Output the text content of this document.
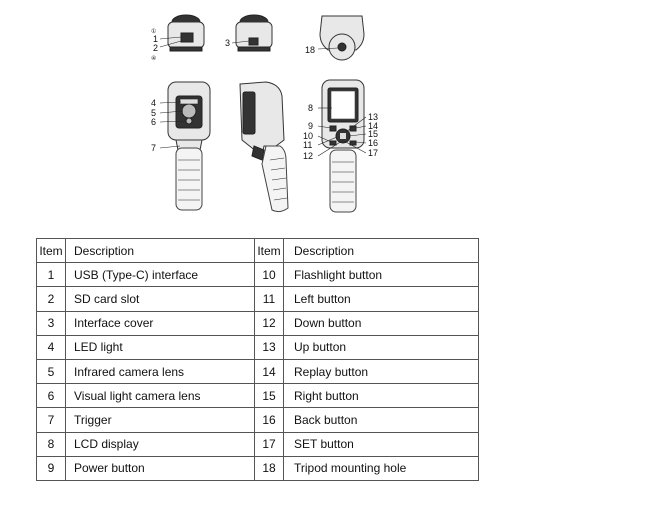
①
1
2
④
3
18
4
5
6
7
8
9
10
11
12
13
14
15
16
17
Item	Description	Item	Description
1	USB (Type-C) interface	10	Flashlight button
2	SD card slot	11	Left button
3	Interface cover	12	Down button
4	LED light	13	Up button
5	Infrared camera lens	14	Replay button
6	Visual light camera lens	15	Right button
7	Trigger	16	Back button
8	LCD display	17	SET button
9	Power button	18	Tripod mounting hole
